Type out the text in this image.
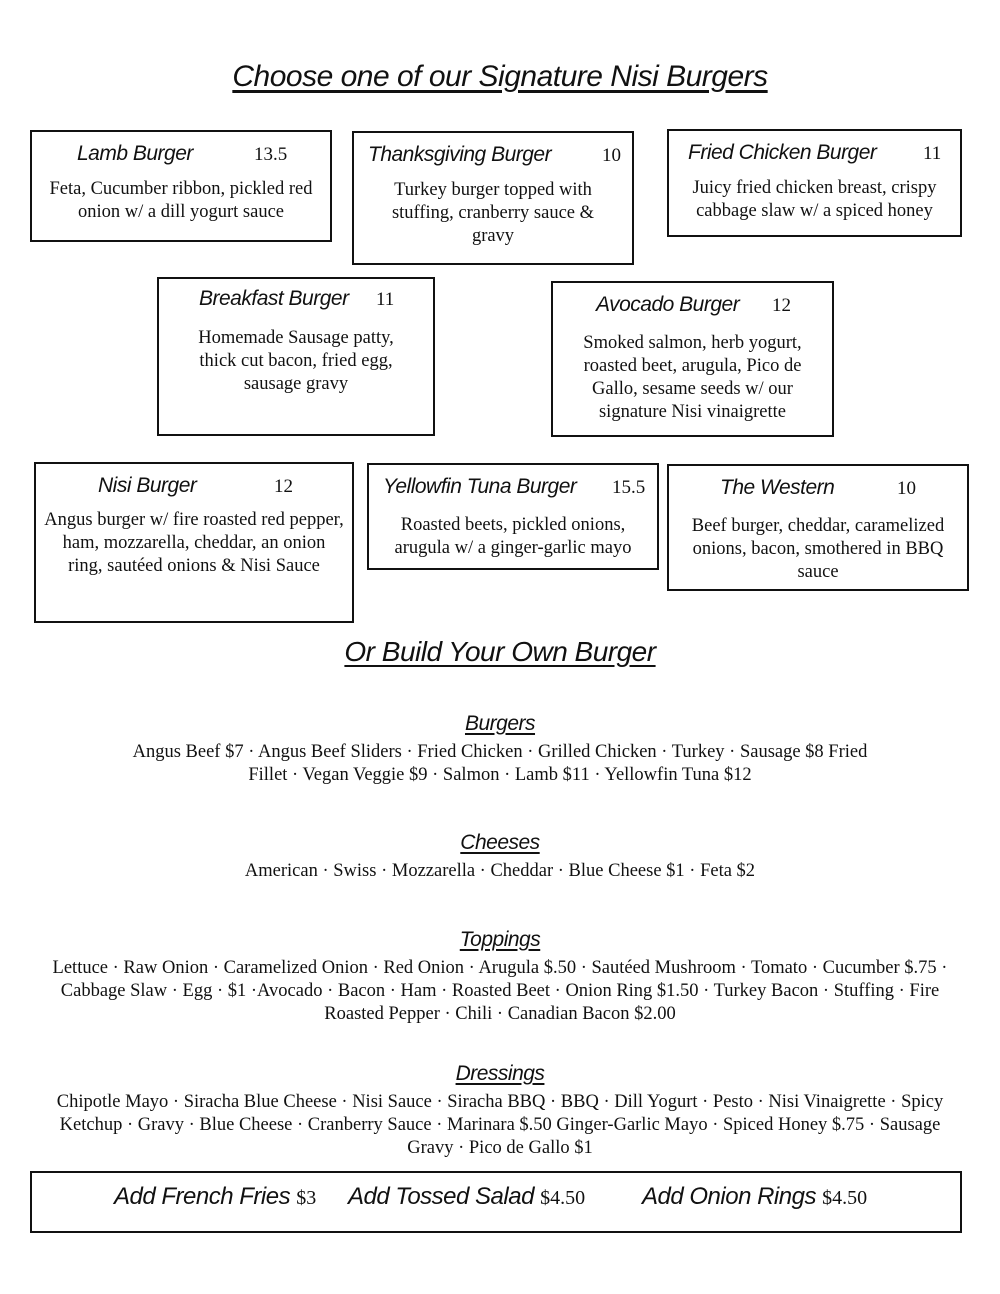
Choose one of our Signature Nisi Burgers
Lamb Burger	13.5
Feta, Cucumber ribbon, pickled red onion w/ a dill yogurt sauce
Thanksgiving Burger	10
Turkey burger topped with stuffing, cranberry sauce & gravy
Fried Chicken Burger 11
Juicy fried chicken breast, crispy cabbage slaw w/ a spiced honey
Breakfast Burger 11
Homemade Sausage patty, thick cut bacon, fried egg, sausage gravy
Avocado Burger 12
Smoked salmon, herb yogurt, roasted beet, arugula, Pico de Gallo, sesame seeds w/ our signature Nisi vinaigrette
Nisi Burger	12
Angus burger w/ fire roasted red pepper, ham, mozzarella, cheddar, an onion ring, sautéed onions & Nisi Sauce
Yellowfin Tuna Burger 15.5
Roasted beets, pickled onions, arugula w/ a ginger-garlic mayo
The Western	10
Beef burger, cheddar, caramelized onions, bacon, smothered in BBQ sauce
Or Build Your Own Burger
Burgers
Angus Beef $7 · Angus Beef Sliders · Fried Chicken · Grilled Chicken · Turkey · Sausage $8 Fried Fillet · Vegan Veggie $9 · Salmon · Lamb $11 · Yellowfin Tuna $12
Cheeses
American · Swiss · Mozzarella · Cheddar · Blue Cheese $1 · Feta $2
Toppings
Lettuce · Raw Onion · Caramelized Onion · Red Onion · Arugula $.50 · Sautéed Mushroom · Tomato · Cucumber $.75 · Cabbage Slaw · Egg · $1 ·Avocado · Bacon · Ham · Roasted Beet · Onion Ring $1.50 · Turkey Bacon · Stuffing · Fire Roasted Pepper · Chili · Canadian Bacon $2.00
Dressings
Chipotle Mayo · Siracha Blue Cheese · Nisi Sauce · Siracha BBQ · BBQ · Dill Yogurt · Pesto · Nisi Vinaigrette · Spicy Ketchup · Gravy · Blue Cheese · Cranberry Sauce · Marinara $.50 Ginger-Garlic Mayo · Spiced Honey $.75 · Sausage Gravy · Pico de Gallo $1
Add French Fries $3 Add Tossed Salad $4.50 Add Onion Rings $4.50
